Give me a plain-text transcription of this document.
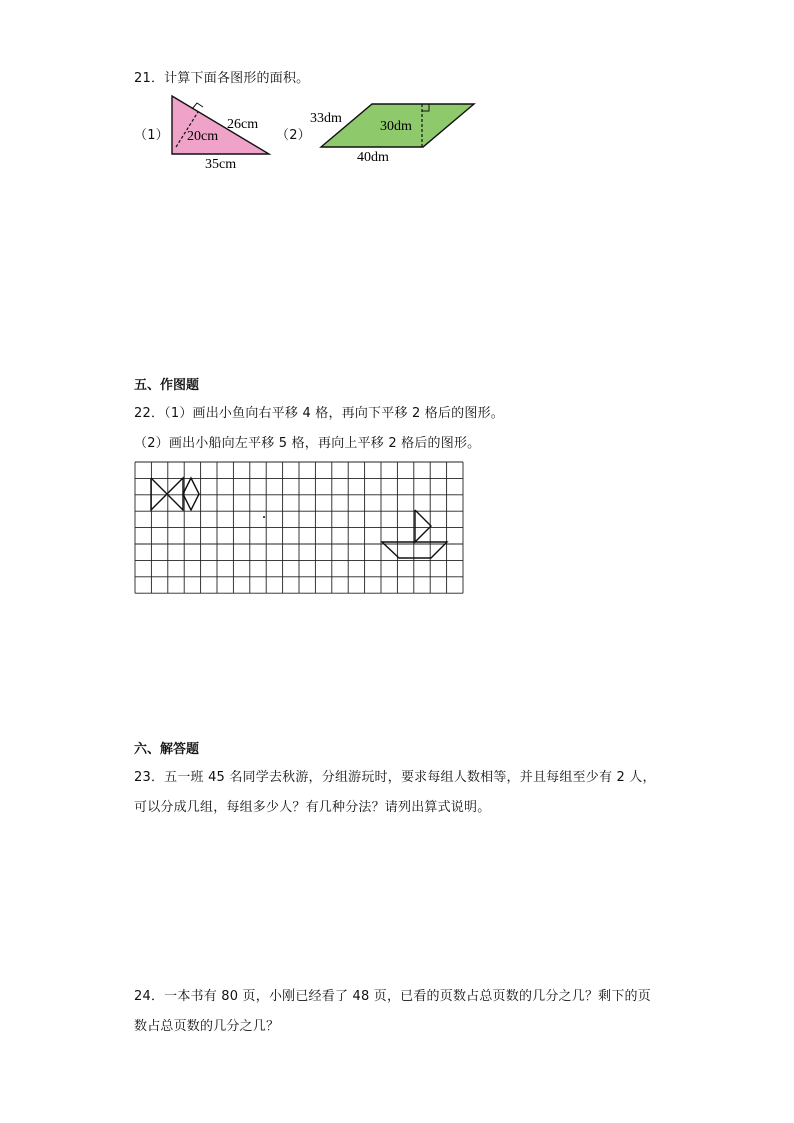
21．计算下面各图形的面积。

（1） 20cm
26cm
35cm
（2）
33dm
30dm
40dm

五、作图题

22．（1）画出小鱼向右平移 4 格，再向下平移 2 格后的图形。

（2）画出小船向左平移 5 格，再向上平移 2 格后的图形。

六、解答题

23．五一班 45 名同学去秋游，分组游玩时，要求每组人数相等，并且每组至少有 2 人，

可以分成几组，每组多少人？有几种分法？请列出算式说明。

24．一本书有 80 页，小刚已经看了 48 页，已看的页数占总页数的几分之几？剩下的页

数占总页数的几分之几？
